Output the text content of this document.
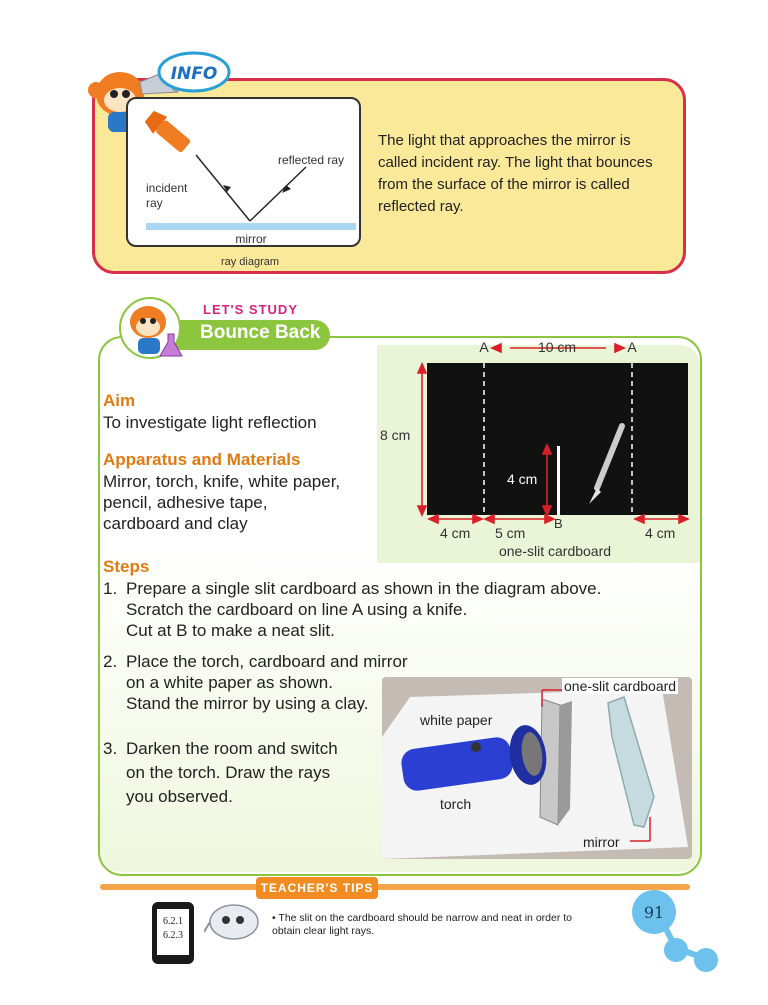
INFO
reflected ray
incident
ray
mirror
ray diagram
The light that approaches the mirror is called incident ray. The light that bounces from the surface of the mirror is called reflected ray.
LET'S STUDY
Bounce Back
A	A
10 cm
8 cm
4 cm
B
4 cm 5 cm	4 cm
one-slit cardboard
Aim
To investigate light reflection
Apparatus and Materials
Mirror, torch, knife, white paper,
pencil, adhesive tape,
cardboard and clay
Steps
1. Prepare a single slit cardboard as shown in the diagram above.
Scratch the cardboard on line A using a knife.
Cut at B to make a neat slit.
2. Place the torch, cardboard and mirror
on a white paper as shown.
Stand the mirror by using a clay.
3. Darken the room and switch
on the torch. Draw the rays
you observed.
white paper
one-slit cardboard
torch
mirror
TEACHER'S TIPS
6.2.1
6.2.3
• The slit on the cardboard should be narrow and neat in order to obtain clear light rays.
91
